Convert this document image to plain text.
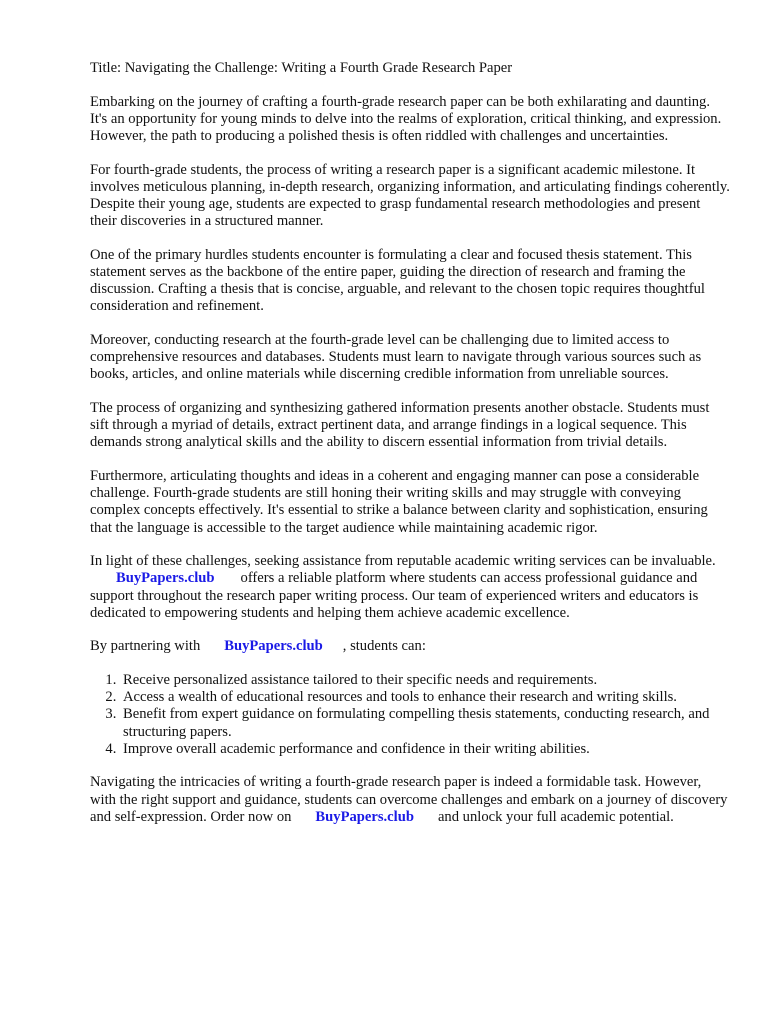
Title: Navigating the Challenge: Writing a Fourth Grade Research Paper

Embarking on the journey of crafting a fourth-grade research paper can be both exhilarating and daunting. It's an opportunity for young minds to delve into the realms of exploration, critical thinking, and expression. However, the path to producing a polished thesis is often riddled with challenges and uncertainties.

For fourth-grade students, the process of writing a research paper is a significant academic milestone. It involves meticulous planning, in-depth research, organizing information, and articulating findings coherently. Despite their young age, students are expected to grasp fundamental research methodologies and present their discoveries in a structured manner.

One of the primary hurdles students encounter is formulating a clear and focused thesis statement. This statement serves as the backbone of the entire paper, guiding the direction of research and framing the discussion. Crafting a thesis that is concise, arguable, and relevant to the chosen topic requires thoughtful consideration and refinement.

Moreover, conducting research at the fourth-grade level can be challenging due to limited access to comprehensive resources and databases. Students must learn to navigate through various sources such as books, articles, and online materials while discerning credible information from unreliable sources.

The process of organizing and synthesizing gathered information presents another obstacle. Students must sift through a myriad of details, extract pertinent data, and arrange findings in a logical sequence. This demands strong analytical skills and the ability to discern essential information from trivial details.

Furthermore, articulating thoughts and ideas in a coherent and engaging manner can pose a considerable challenge. Fourth-grade students are still honing their writing skills and may struggle with conveying complex concepts effectively. It's essential to strike a balance between clarity and sophistication, ensuring that the language is accessible to the target audience while maintaining academic rigor.

In light of these challenges, seeking assistance from reputable academic writing services can be invaluable.BuyPapers.club offers a reliable platform where students can access professional guidance and support throughout the research paper writing process. Our team of experienced writers and educators is dedicated to empowering students and helping them achieve academic excellence.

By partnering with BuyPapers.club , students can:

1. Receive personalized assistance tailored to their specific needs and requirements.
2. Access a wealth of educational resources and tools to enhance their research and writing skills.
3. Benefit from expert guidance on formulating compelling thesis statements, conducting research, and structuring papers.
4. Improve overall academic performance and confidence in their writing abilities.

Navigating the intricacies of writing a fourth-grade research paper is indeed a formidable task. However, with the right support and guidance, students can overcome challenges and embark on a journey of discovery and self-expression. Order now on BuyPapers.club and unlock your full academic potential.
